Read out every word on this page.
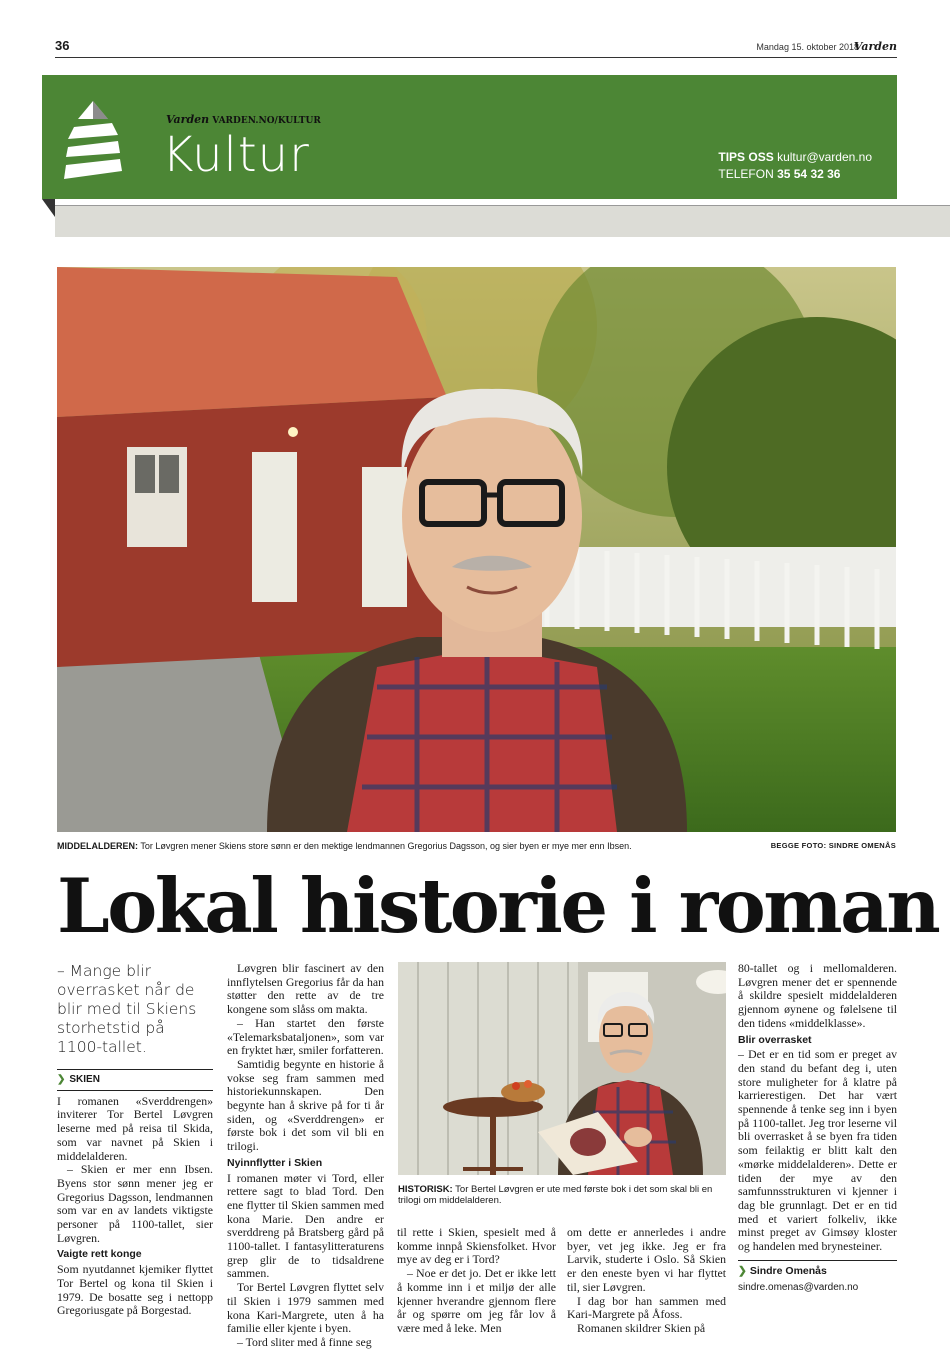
36	Mandag 15. oktober 2018
Varden
Varden VARDEN.NO/KULTUR
Kultur	TIPS OSS kultur@varden.no
TELEFON 35 54 32 36
MIDDELALDEREN: Tor Løvgren mener Skiens store sønn er den mektige lendmannen Gregorius Dagsson, og sier byen er mye mer enn Ibsen.	BEGGE FOTO: SINDRE OMENÅS
Lokal historie i roman
– Mange blir overrasket når de blir med til Skiens storhetstid på 1100-tallet.
❯ SKIEN

I romanen «Sverddrengen» inviterer Tor Bertel Løvgren leserne med på reisa til Skida, som var navnet på Skien i middelalderen.

– Skien er mer enn Ibsen. Byens stor sønn mener jeg er Gregorius Dagsson, lendmannen som var en av landets viktigste personer på 1100-tallet, sier Løvgren.

Vaigte rett konge

Som nyutdannet kjemiker flyttet Tor Bertel og kona til Skien i 1979. De bosatte seg i nettopp Gregoriusgate på Borgestad.

Løvgren blir fascinert av den innflytelsen Gregorius får da han støtter den rette av de tre kongene som slåss om makta.

– Han startet den første «Telemarksbataljonen», som var en fryktet hær, smiler forfatteren.

Samtidig begynte en historie å vokse seg fram sammen med historiekunnskapen. Den begynte han å skrive på for ti år siden, og «Sverddrengen» er første bok i det som vil bli en trilogi.

Nyinnflytter i Skien

I romanen møter vi Tord, eller rettere sagt to blad Tord. Den ene flytter til Skien sammen med kona Marie. Den andre er sverddreng på Bratsberg gård på 1100-tallet. I fantasylitteraturens grep glir de to tidsaldrene sammen.

Tor Bertel Løvgren flyttet selv til Skien i 1979 sammen med kona Kari-Margrete, uten å ha familie eller kjente i byen.

– Tord sliter med å finne seg

HISTORISK: Tor Bertel Løvgren er ute med første bok i det som skal bli en trilogi om middelalderen.

til rette i Skien, spesielt med å komme innpå Skiensfolket. Hvor mye av deg er i Tord?

– Noe er det jo. Det er ikke lett å komme inn i et miljø der alle kjenner hverandre gjennom flere år og spørre om jeg får lov å være med å leke. Men

om dette er annerledes i andre byer, vet jeg ikke. Jeg er fra Larvik, studerte i Oslo. Så Skien er den eneste byen vi har flyttet til, sier Løvgren.

I dag bor han sammen med Kari-Margrete på Åfoss.

Romanen skildrer Skien på

80-tallet og i mellomalderen. Løvgren mener det er spennende å skildre spesielt middelalderen gjennom øynene og følelsene til den tidens «middelklasse».

Blir overrasket

– Det er en tid som er preget av den stand du befant deg i, uten store muligheter for å klatre på karrierestigen. Det har vært spennende å tenke seg inn i byen på 1100-tallet. Jeg tror leserne vil bli overrasket å se byen fra tiden som feilaktig er blitt kalt den «mørke middelalderen». Dette er tiden der mye av den samfunnsstrukturen vi kjenner i dag ble grunnlagt. Det er en tid med et variert folkeliv, ikke minst preget av Gimsøy kloster og handelen med brynesteiner.

❯ Sindre Omenås
sindre.omenas@varden.no
